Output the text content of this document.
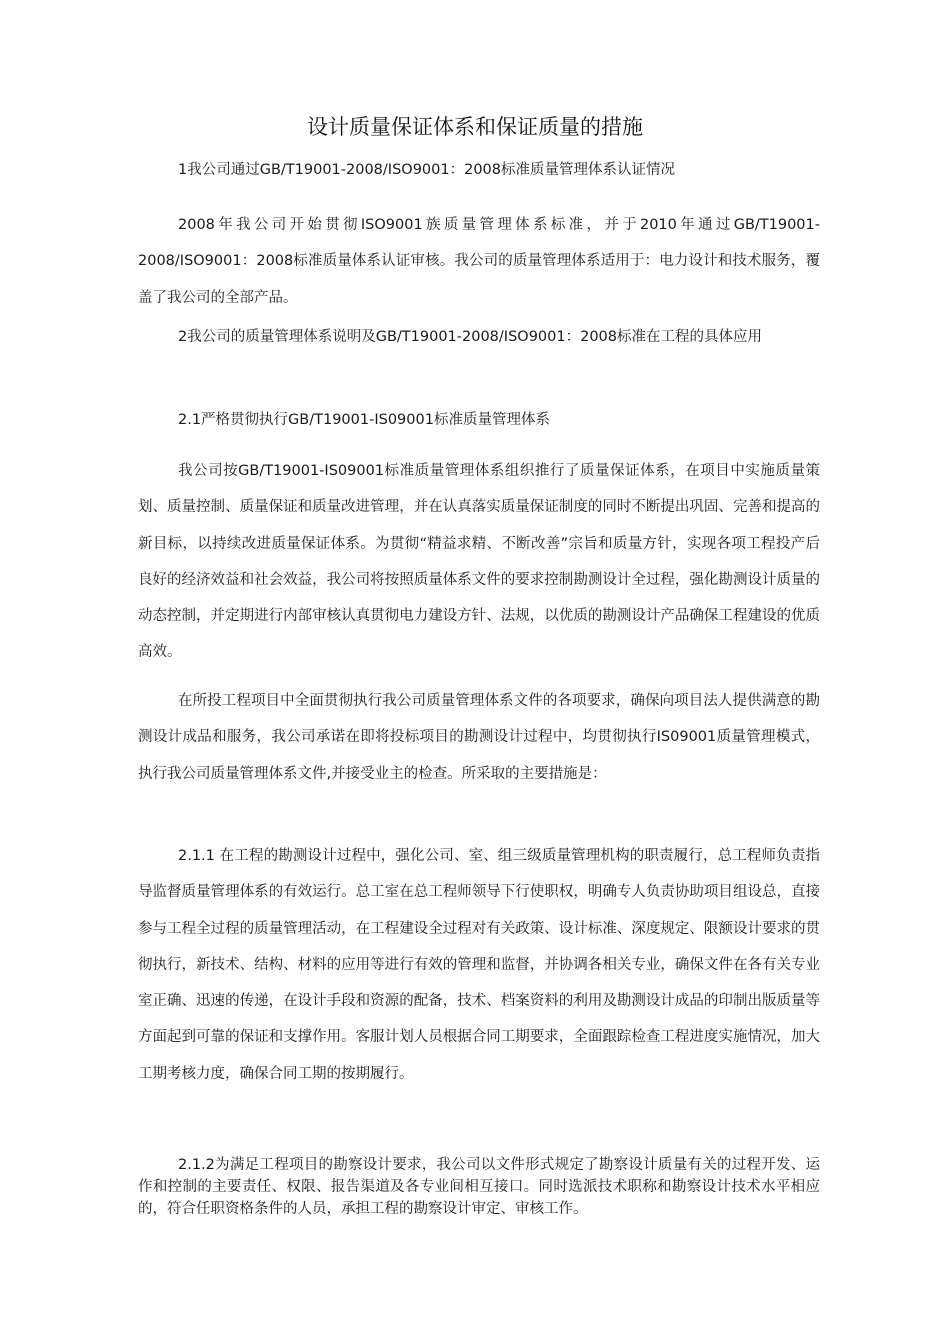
设计质量保证体系和保证质量的措施
1我公司通过GB/T19001-2008/ISO9001：2008标准质量管理体系认证情况

2008年我公司开始贯彻ISO9001族质量管理体系标准，并于2010年通过GB/T19001-2008/ISO9001：2008标准质量体系认证审核。我公司的质量管理体系适用于：电力设计和技术服务，覆盖了我公司的全部产品。

2我公司的质量管理体系说明及GB/T19001-2008/ISO9001：2008标准在工程的具体应用

2.1严格贯彻执行GB/T19001-IS09001标准质量管理体系

我公司按GB/T19001-IS09001标准质量管理体系组织推行了质量保证体系，在项目中实施质量策划、质量控制、质量保证和质量改进管理，并在认真落实质量保证制度的同时不断提出巩固、完善和提高的新目标，以持续改进质量保证体系。为贯彻“精益求精、不断改善”宗旨和质量方针，实现各项工程投产后良好的经济效益和社会效益，我公司将按照质量体系文件的要求控制勘测设计全过程，强化勘测设计质量的动态控制，并定期进行内部审核认真贯彻电力建设方针、法规，以优质的勘测设计产品确保工程建设的优质高效。

在所投工程项目中全面贯彻执行我公司质量管理体系文件的各项要求，确保向项目法人提供满意的勘测设计成品和服务，我公司承诺在即将投标项目的勘测设计过程中，均贯彻执行IS09001质量管理模式，执行我公司质量管理体系文件,并接受业主的检查。所采取的主要措施是：

2.1.1 在工程的勘测设计过程中，强化公司、室、组三级质量管理机构的职责履行，总工程师负责指导监督质量管理体系的有效运行。总工室在总工程师领导下行使职权，明确专人负责协助项目组设总，直接参与工程全过程的质量管理活动，在工程建设全过程对有关政策、设计标准、深度规定、限额设计要求的贯彻执行，新技术、结构、材料的应用等进行有效的管理和监督，并协调各相关专业，确保文件在各有关专业室正确、迅速的传递，在设计手段和资源的配备，技术、档案资料的利用及勘测设计成品的印制出版质量等方面起到可靠的保证和支撑作用。客服计划人员根据合同工期要求，全面跟踪检查工程进度实施情况，加大工期考核力度，确保合同工期的按期履行。

2.1.2为满足工程项目的勘察设计要求，我公司以文件形式规定了勘察设计质量有关的过程开发、运作和控制的主要责任、权限、报告渠道及各专业间相互接口。同时选派技术职称和勘察设计技术水平相应的，符合任职资格条件的人员，承担工程的勘察设计审定、审核工作。
